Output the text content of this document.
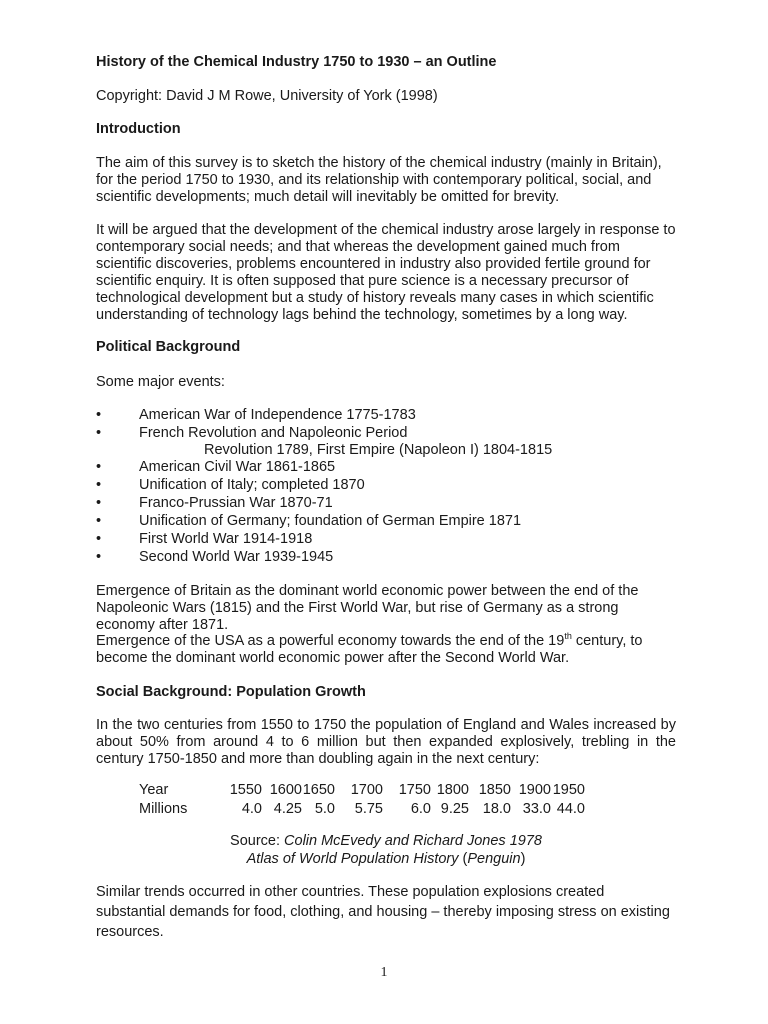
History of the Chemical Industry 1750 to 1930 – an Outline

Copyright: David J M Rowe, University of York (1998)

Introduction

The aim of this survey is to sketch the history of the chemical industry (mainly in Britain), for the period 1750 to 1930, and its relationship with contemporary political, social, and scientific developments; much detail will inevitably be omitted for brevity.

It will be argued that the development of the chemical industry arose largely in response to contemporary social needs; and that whereas the development gained much from scientific discoveries, problems encountered in industry also provided fertile ground for scientific enquiry. It is often supposed that pure science is a necessary precursor of technological development but a study of history reveals many cases in which scientific understanding of technology lags behind the technology, sometimes by a long way.

Political Background

Some major events:

•	American War of Independence 1775-1783
•	French Revolution and Napoleonic Period
Revolution 1789, First Empire (Napoleon I) 1804-1815
•	American Civil War 1861-1865
•	Unification of Italy; completed 1870
•	Franco-Prussian War 1870-71
•	Unification of Germany; foundation of German Empire 1871
•	First World War 1914-1918
•	Second World War 1939-1945

Emergence of Britain as the dominant world economic power between the end of the Napoleonic Wars (1815) and the First World War, but rise of Germany as a strong economy after 1871.

Emergence of the USA as a powerful economy towards the end of the 19th century, to become the dominant world economic power after the Second World War.

Social Background: Population Growth

In the two centuries from 1550 to 1750 the population of England and Wales increased by about 50% from around 4 to 6 million but then expanded explosively, trebling in the century 1750-1850 and more than doubling again in the next century:

Year	1550	1600	1650	1700	1750	1800	1850	1900	1950
Millions	4.0	4.25	5.0	5.75	6.0	9.25	18.0	33.0	44.0
Source: Colin McEvedy and Richard Jones 1978
Atlas of World Population History (Penguin)

Similar trends occurred in other countries. These population explosions created substantial demands for food, clothing, and housing – thereby imposing stress on existing resources.

1
